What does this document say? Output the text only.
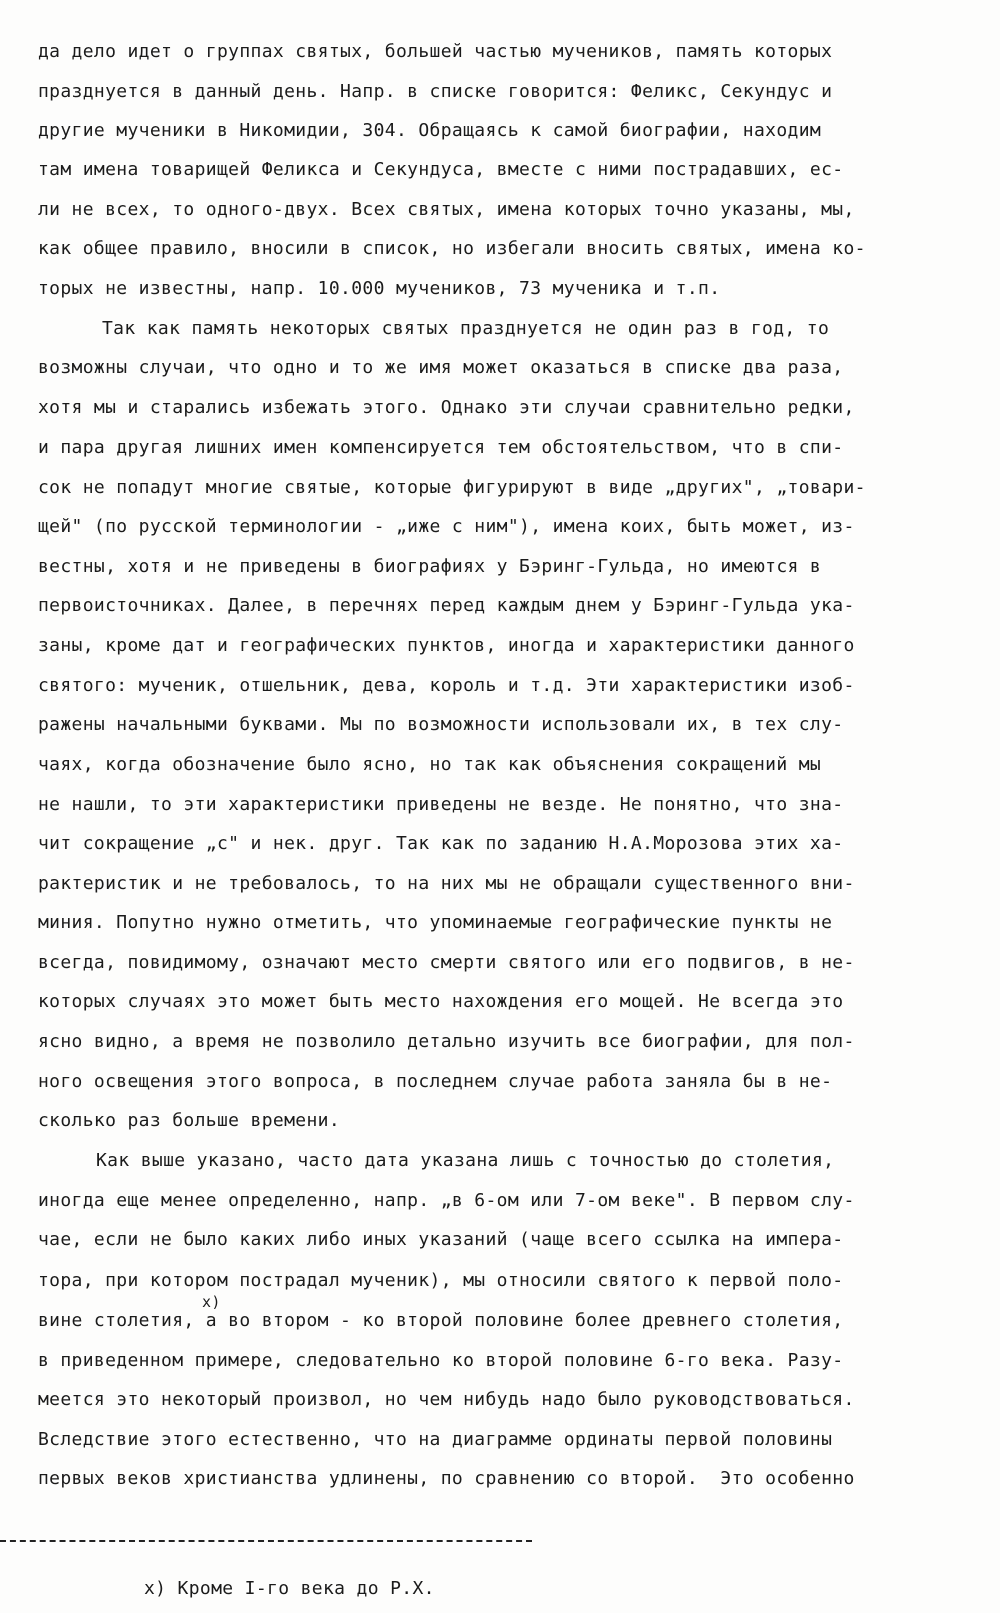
да дело идет о группах святых, большей частью мучеников, память которых
празднуется в данный день. Напр. в списке говорится: Феликс, Секундус и
другие мученики в Никомидии, 304. Обращаясь к самой биографии, находим
там имена товарищей Феликса и Секундуса, вместе с ними пострадавших, ес-
ли не всех, то одного-двух. Всех святых, имена которых точно указаны, мы,
как общее правило, вносили в список, но избегали вносить святых, имена ко-
торых не известны, напр. 10.000 мучеников, 73 мученика и т.п.
Так как память некоторых святых празднуется не один раз в год, то
возможны случаи, что одно и то же имя может оказаться в списке два раза,
хотя мы и старались избежать этого. Однако эти случаи сравнительно редки,
и пара другая лишних имен компенсируется тем обстоятельством, что в спи-
сок не попадут многие святые, которые фигурируют в виде „других", „товари-
щей" (по русской терминологии - „иже с ним"), имена коих, быть может, из-
вестны, хотя и не приведены в биографиях у Бэринг-Гульда, но имеются в
первоисточниках. Далее, в перечнях перед каждым днем у Бэринг-Гульда ука-
заны, кроме дат и географических пунктов, иногда и характеристики данного
святого: мученик, отшельник, дева, король и т.д. Эти характеристики изоб-
ражены начальными буквами. Мы по возможности использовали их, в тех слу-
чаях, когда обозначение было ясно, но так как объяснения сокращений мы
не нашли, то эти характеристики приведены не везде. Не понятно, что зна-
чит сокращение „c" и нек. друг. Так как по заданию Н.А.Морозова этих ха-
рактеристик и не требовалось, то на них мы не обращали существенного вни-
миния. Попутно нужно отметить, что упоминаемые географические пункты не
всегда, повидимому, означают место смерти святого или его подвигов, в не-
которых случаях это может быть место нахождения его мощей. Не всегда это
ясно видно, а время не позволило детально изучить все биографии, для пол-
ного освещения этого вопроса, в последнем случае работа заняла бы в не-
сколько раз больше времени.
Как выше указано, часто дата указана лишь с точностью до столетия,
иногда еще менее определенно, напр. „в 6-ом или 7-ом веке". В первом слу-
чае, если не было каких либо иных указаний (чаще всего ссылка на импера-
тора, при котором пострадал мученик), мы относили святого к первой поло-
вине столетия, а во втором - ко второй половине более древнего столетия,
в приведенном примере, следовательно ко второй половине 6-го века. Разу-
меется это некоторый произвол, но чем нибудь надо было руководствоваться.
Вследствие этого естественно, что на диаграмме ординаты первой половины
первых веков христианства удлинены, по сравнению со второй.  Это особенно
x)
x) Кроме I-го века до Р.Х.
